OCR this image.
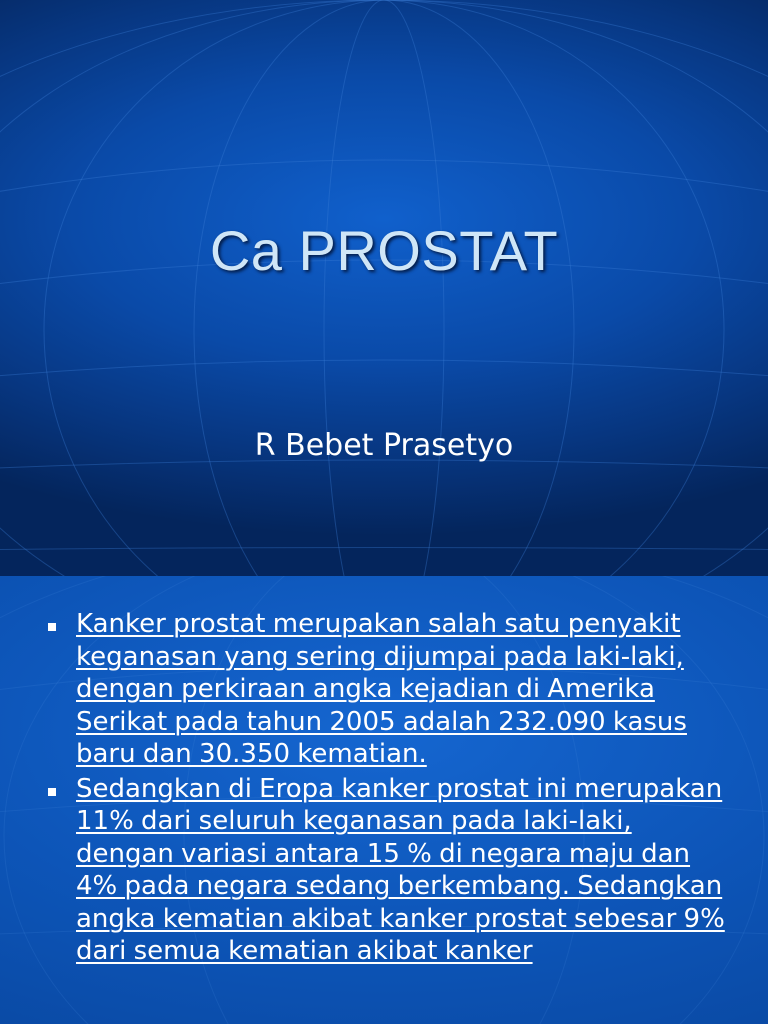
Ca PROSTAT
R Bebet Prasetyo
Kanker prostat merupakan salah satu penyakit keganasan yang sering dijumpai pada laki-laki, dengan perkiraan angka kejadian di Amerika Serikat pada tahun 2005 adalah 232.090 kasus baru dan 30.350 kematian.
Sedangkan di Eropa kanker prostat ini merupakan 11% dari seluruh keganasan pada laki-laki, dengan variasi antara 15 % di negara maju dan 4% pada negara sedang berkembang. Sedangkan angka kematian akibat kanker prostat sebesar 9% dari semua kematian akibat kanker
